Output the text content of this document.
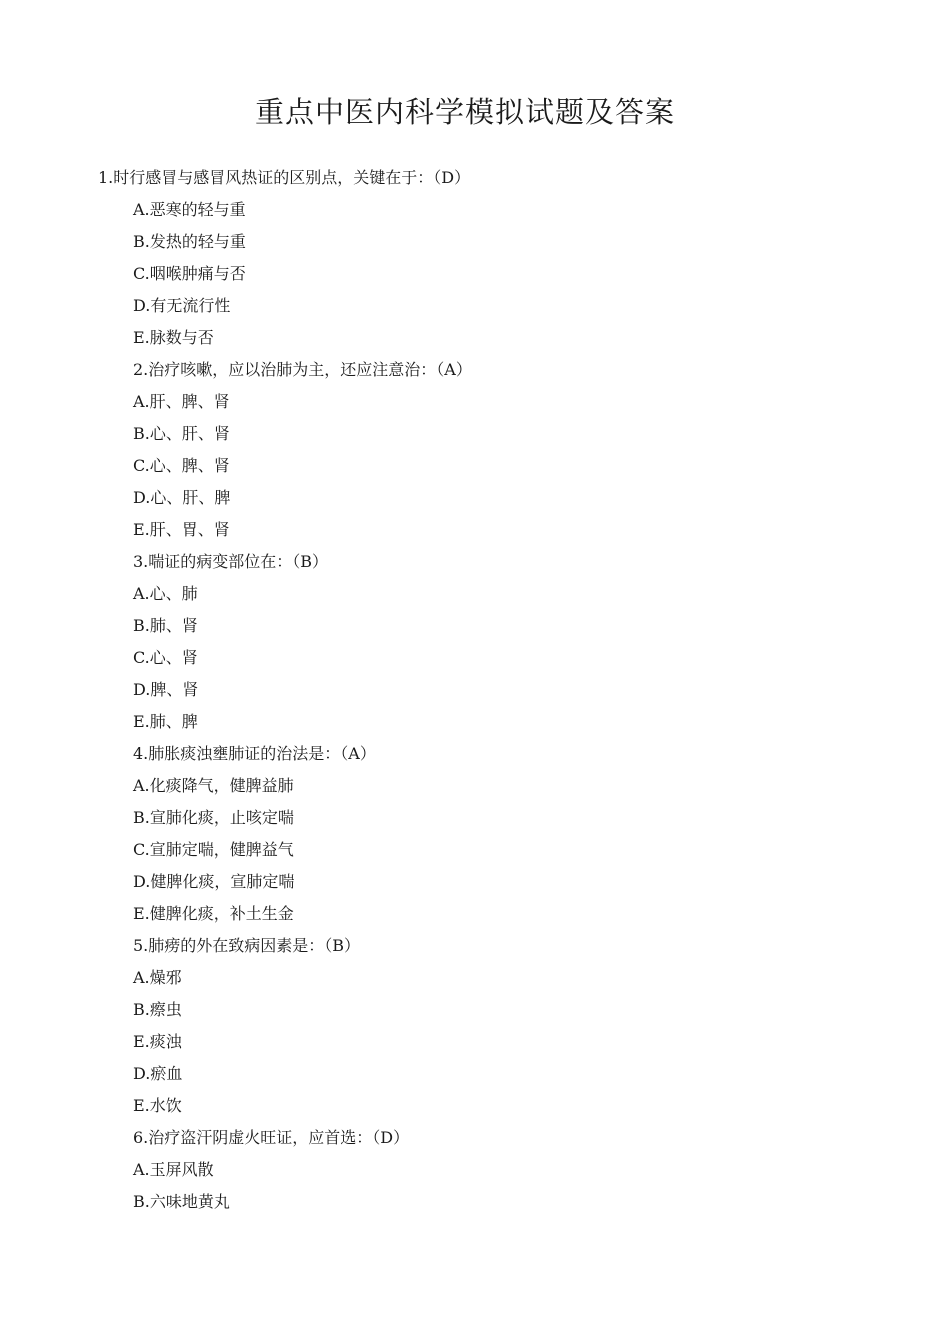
重点中医内科学模拟试题及答案
1.时行感冒与感冒风热证的区别点，关键在于：（D）
A.恶寒的轻与重
B.发热的轻与重
C.咽喉肿痛与否
D.有无流行性
E.脉数与否
2.治疗咳嗽，应以治肺为主，还应注意治：（A）
A.肝、脾、肾
B.心、肝、肾
C.心、脾、肾
D.心、肝、脾
E.肝、胃、肾
3.喘证的病变部位在：（B）
A.心、肺
B.肺、肾
C.心、肾
D.脾、肾
E.肺、脾
4.肺胀痰浊壅肺证的治法是：（A）
A.化痰降气，健脾益肺
B.宣肺化痰，止咳定喘
C.宣肺定喘，健脾益气
D.健脾化痰，宣肺定喘
E.健脾化痰，补土生金
5.肺痨的外在致病因素是：（B）
A.燥邪
B.瘵虫
E.痰浊
D.瘀血
E.水饮
6.治疗盗汗阴虚火旺证，应首选：（D）
A.玉屏风散
B.六味地黄丸
